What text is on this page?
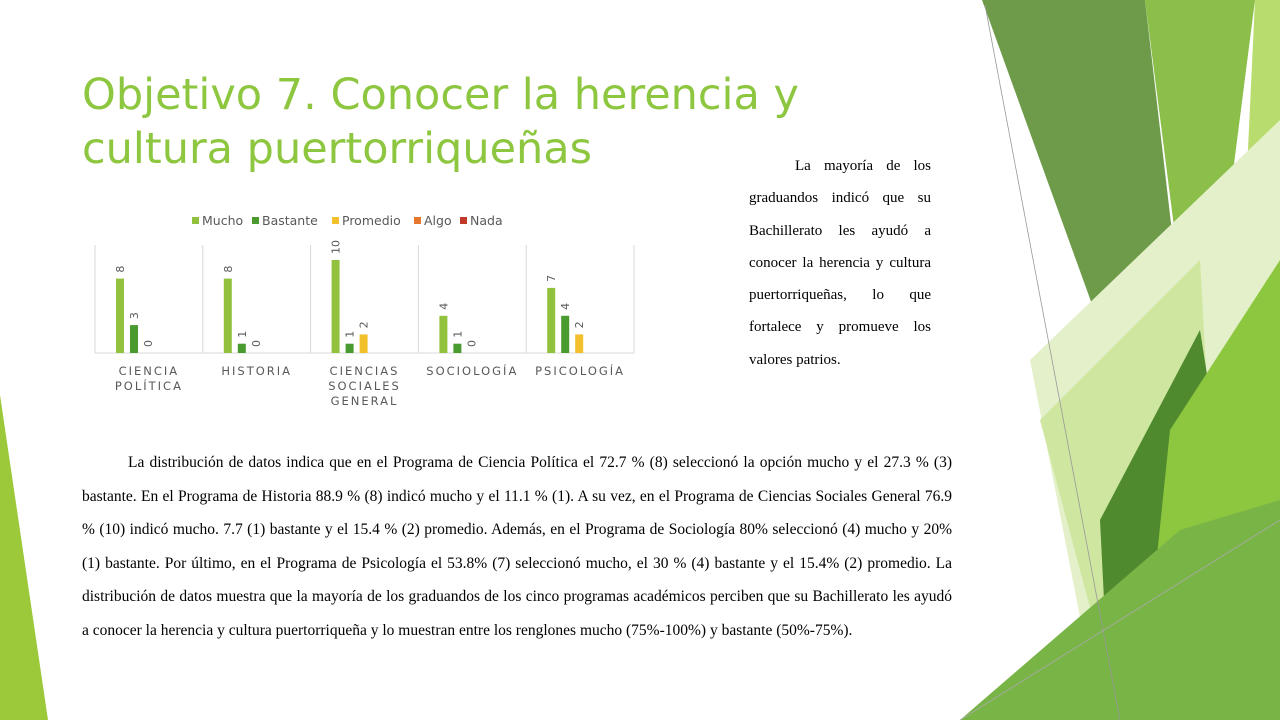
Objetivo 7. Conocer la herencia y
cultura puertorriqueñas	La mayoría de los graduandos indicó que su Bachillerato les ayudó a conocer la herencia y cultura puertorriqueñas, lo que fortalece y promueve los valores patrios.
Mucho Bastante Promedio Algo Nada
8
3
0
CIENCIA
POLÍTICA
8
1
0
HISTORIA
10
1
2
CIENCIAS
SOCIALES
GENERAL
4
1
0
SOCIOLOGÍA
7
4
2
PSICOLOGÍA
La distribución de datos indica que en el Programa de Ciencia Política el 72.7 % (8) seleccionó la opción mucho y el 27.3 % (3) bastante. En el Programa de Historia 88.9 % (8) indicó mucho y el 11.1 % (1). A su vez, en el Programa de Ciencias Sociales General 76.9 % (10) indicó mucho. 7.7 (1) bastante y el 15.4 % (2) promedio. Además, en el Programa de Sociología 80% seleccionó (4) mucho y 20% (1) bastante. Por último, en el Programa de Psicología el 53.8% (7) seleccionó mucho, el 30 % (4) bastante y el 15.4% (2) promedio. La distribución de datos muestra que la mayoría de los graduandos de los cinco programas académicos perciben que su Bachillerato les ayudó a conocer la herencia y cultura puertorriqueña y lo muestran entre los renglones mucho (75%-100%) y bastante (50%-75%).
